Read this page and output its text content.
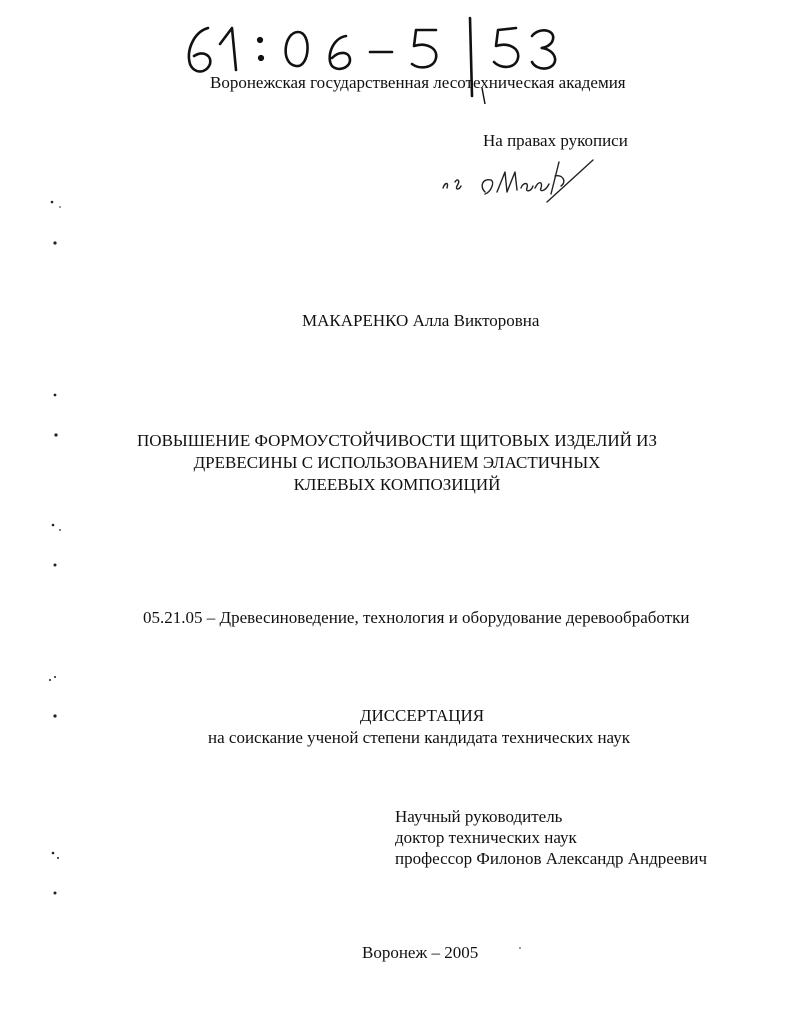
Воронежская государственная лесотехническая академия
На правах рукописи
МАКАРЕНКО Алла Викторовна
ПОВЫШЕНИЕ ФОРМОУСТОЙЧИВОСТИ ЩИТОВЫХ ИЗДЕЛИЙ ИЗ
ДРЕВЕСИНЫ С ИСПОЛЬЗОВАНИЕМ ЭЛАСТИЧНЫХ
КЛЕЕВЫХ КОМПОЗИЦИЙ
05.21.05 – Древесиноведение, технология и оборудование деревообработки
ДИССЕРТАЦИЯ
на соискание ученой степени кандидата технических наук
Научный руководитель
доктор технических наук
профессор Филонов Александр Андреевич
Воронеж – 2005
